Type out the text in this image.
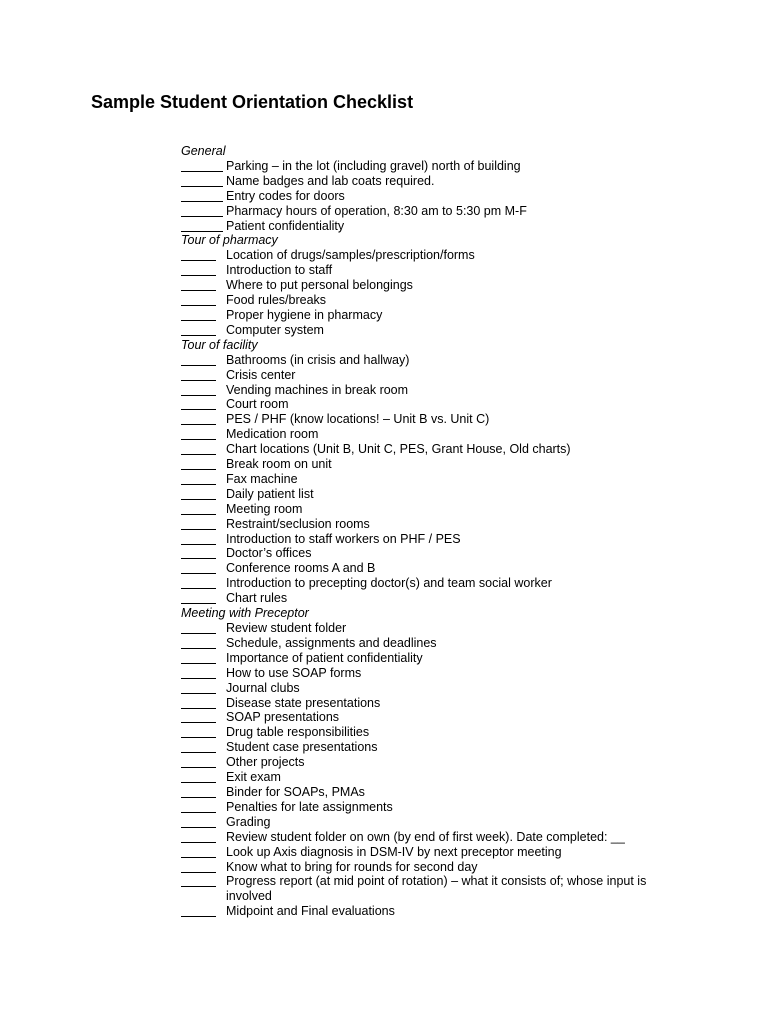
Sample Student Orientation Checklist
General
Parking – in the lot (including gravel) north of building
Name badges and lab coats required.
Entry codes for doors
Pharmacy hours of operation, 8:30 am to 5:30 pm M-F
Patient confidentiality
Tour of pharmacy
Location of drugs/samples/prescription/forms
Introduction to staff
Where to put personal belongings
Food rules/breaks
Proper hygiene in pharmacy
Computer system
Tour of facility
Bathrooms (in crisis and hallway)
Crisis center
Vending machines in break room
Court room
PES / PHF (know locations! – Unit B vs. Unit C)
Medication room
Chart locations (Unit B, Unit C, PES, Grant House, Old charts)
Break room on unit
Fax machine
Daily patient list
Meeting room
Restraint/seclusion rooms
Introduction to staff workers on PHF / PES
Doctor’s offices
Conference rooms A and B
Introduction to precepting doctor(s) and team social worker
Chart rules
Meeting with Preceptor
Review student folder
Schedule, assignments and deadlines
Importance of patient confidentiality
How to use SOAP forms
Journal clubs
Disease state presentations
SOAP presentations
Drug table responsibilities
Student case presentations
Other projects
Exit exam
Binder for SOAPs, PMAs
Penalties for late assignments
Grading
Review student folder on own (by end of first week). Date completed: __
Look up Axis diagnosis in DSM-IV by next preceptor meeting
Know what to bring for rounds for second day
Progress report (at mid point of rotation) – what it consists of; whose input is involved
Midpoint and Final evaluations
